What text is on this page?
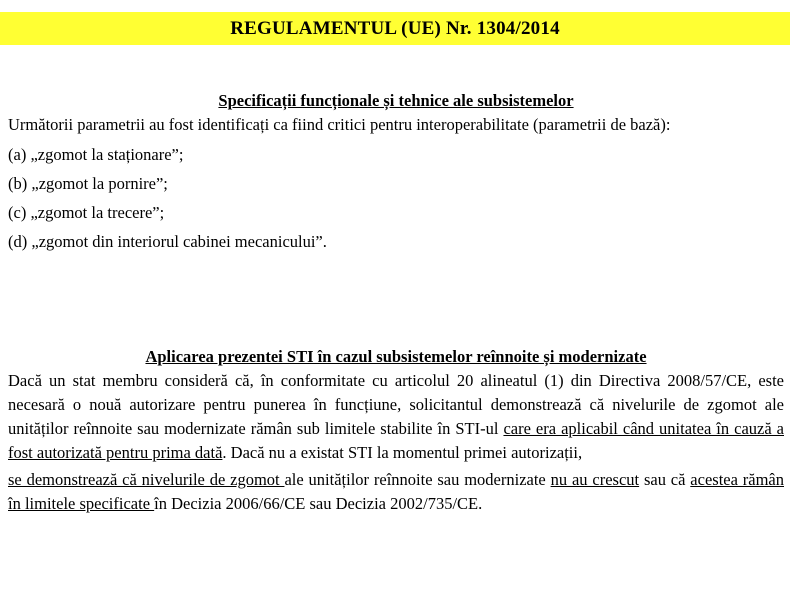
REGULAMENTUL (UE) Nr. 1304/2014
Specificații funcționale și tehnice ale subsistemelor

Următorii parametrii au fost identificați ca fiind critici pentru interoperabilitate (parametrii de bază):

(a) „zgomot la staționare”;

(b) „zgomot la pornire”;

(c) „zgomot la trecere”;

(d) „zgomot din interiorul cabinei mecanicului”.

Aplicarea prezentei STI în cazul subsistemelor reînnoite și modernizate

Dacă un stat membru consideră că, în conformitate cu articolul 20 alineatul (1) din Directiva 2008/57/CE, este necesară o nouă autorizare pentru punerea în funcțiune, solicitantul demonstrează că nivelurile de zgomot ale unităților reînnoite sau modernizate rămân sub limitele stabilite în STI-ul care era aplicabil când unitatea în cauză a fost autorizată pentru prima dată. Dacă nu a existat STI la momentul primei autorizații,

se demonstrează că nivelurile de zgomot ale unităților reînnoite sau modernizate nu au crescut sau că acestea rămân în limitele specificate în Decizia 2006/66/CE sau Decizia 2002/735/CE.
